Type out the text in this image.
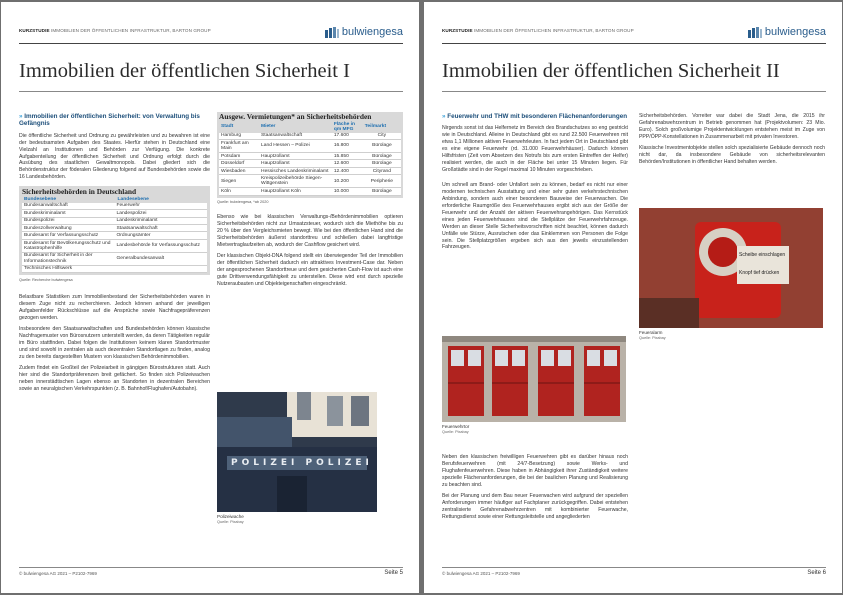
KURZSTUDIE IMMOBILIEN DER ÖFFENTLICHEN INFRASTRUKTUR, BARTON GROUP	bulwiengesa
Immobilien der öffentlichen Sicherheit I
» Immobilien der öffentlichen Sicherheit: von Verwaltung bis Gefängnis

Die öffentliche Sicherheit und Ordnung zu gewährleisten und zu bewahren ist eine der bedeutsamsten Aufgaben des Staates. Hierfür stehen in Deutschland eine Vielzahl an Institutionen und Behörden zur Verfügung. Die konkrete Aufgabenteilung der öffentlichen Sicherheit und Ordnung erfolgt durch die Ausübung des staatlichen Gewaltmonopols. Dabei gliedert sich die Behördenstruktur der föderalen Gliederung folgend auf Bundesbehörden sowie die 16 Landesbehörden.

Sicherheitsbehörden in Deutschland
Bundesebene	Landesebene
Bundesanwaltschaft	Feuerwehr
Bundeskriminalamt	Landespolizei
Bundespolizei	Landeskriminalamt
Bundeszollverwaltung	Staatsanwaltschaft
Bundesamt für Verfassungsschutz	Ordnungsämter
Bundesamt für Bevölkerungsschutz und Katastrophenhilfe	Landesbehörde für Verfassungsschutz
Bundesamt für Sicherheit in der Informationstechnik	Generalbundesanwalt
Technisches Hilfswerk	
Quelle: Recherche bulwiengesa

Belastbare Statistiken zum Immobilienbestand der Sicherheitsbehörden waren in diesem Zuge nicht zu recherchieren. Jedoch können anhand der jeweiligen Aufgabenfelder Rückschlüsse auf die Ansprüche sowie Nachfragepräferenzen gezogen werden.

Insbesondere den Staatsanwaltschaften und Bundesbehörden können klassische Nachfragemuster von Bürosnutzern unterstellt werden, da deren Tätigkeiten regulär im Büro stattfinden. Dabei folgen die Institutionen keinem klaren Standortmuster und sind sowohl in zentralen als auch dezentralen Standortlagen zu finden, analog zu den bereits dargestellten Mustern von klassischen Behördenimmobilien.

Zudem findet ein Großteil der Polizeiarbeit in gängigen Bürostrukturen statt. Auch hier sind die Standortpräferenzen breit gefächert. So finden sich Polizeiwachen neben innerstädtischen Lagen ebenso an Standorten in dezentralen Bereichen sowie an neuralgischen Verkehrspunkten (z. B. Bahnhof/Flughafen/Autobahn).

Ausgew. Vermietungen* an Sicherheitsbehörden
Stadt	Mieter	Fläche in qm MFG	Teilmarkt
Hamburg	Staatsanwaltschaft	17.600	City
Frankfurt am Main	Land Hessen – Polizei	16.800	Bürolage
Potsdam	Hauptzollamt	15.850	Bürolage
Düsseldorf	Hauptzollamt	12.600	Bürolage
Wiesbaden	Hessisches Landeskriminalamt	12.400	Cityrand
Siegen	Kreispolizeibehörde Siegen-Wittgenstein	10.200	Peripherie
Köln	Hauptzollamt Köln	10.000	Bürolage
Quelle: bulwiengesa, *ab 2020

Ebenso wie bei klassischen Verwaltungs-/Behördenimmobilien optieren Sicherheitsbehörden nicht zur Umsatzsteuer, wodurch sich die Miethöhe bis zu 20 % über den Vergleichsmieten bewegt. Wie bei den öffentlichen Hand sind die Sicherheitsbehörden äußerst standorttreu und schließen dabei langfristige Mietvertraglaufzeiten ab, wodurch der Cashflow gesichert wird.

Der klassischen Objekt-DNA folgend stellt ein überwiegender Teil der Immobilien der öffentlichen Sicherheit dadurch ein attraktives Investment-Case dar. Neben der angesprochenen Standorttreue und dem gesicherten Cash-Flow ist auch eine gute Drittverwendungsfähigkeit zu unterstellen. Diese wird erst durch spezielle Nutzeraubauten und Objekteigenschaften eingeschränkt.

POLIZEI POLIZEI
Polizeiwache
Quelle: Pixabay
© bulwiengesa AG 2021 – P2102-7969	Seite 5
KURZSTUDIE IMMOBILIEN DER ÖFFENTLICHEN INFRASTRUKTUR, BARTON GROUP	bulwiengesa
Immobilien der öffentlichen Sicherheit II
» Feuerwehr und THW mit besonderen Flächenanforderungen

Nirgends sonst ist das Helfernetz im Bereich des Brandschutzes so eng gestrickt wie in Deutschland. Alleine in Deutschland gibt es rund 22.500 Feuerwehren mit etwa 1,1 Millionen aktiven Feuerwehrleuten. In fact jedem Ort in Deutschland gibt es eine eigene Feuerwehr (rd. 31.000 Feuerwehrhäuser). Dadurch können Hilfsfristen (Zeit vom Absetzen des Notrufs bis zum ersten Eintreffen der Helfer) realisiert werden, die auch in der Fläche bei unter 15 Minuten liegen. Für Großstädte sind in der Regel maximal 10 Minuten vorgeschrieben.

Um schnell am Brand- oder Unfallort sein zu können, bedarf es nicht nur einer modernen technischen Ausstattung und einer sehr guten verkehrstechnischen Anbindung, sondern auch einer besonderen Bauweise der Feuerwachen. Die erforderliche Raumgröße des Feuerwehrhauses ergibt sich aus der Größe der Feuerwehr und der Anzahl der aktiven Feuerwehrangehörigen. Das Kernstück eines jeden Feuerwehrhauses sind die Stellplätze der Feuerwehrfahrzeuge. Werden an dieser Stelle Sicherheitsvorschriften nicht beachtet, können dadurch Unfälle wie Stürze, Ausrutschen oder das Einklemmen von Personen die Folge sein. Die Stellplatzgrößen ergeben sich aus den jeweils einzustellenden Fahrzeugen.

Feuerwehrtor
Quelle: Pixabay

Neben den klassischen freiwilligen Feuerwehren gibt es darüber hinaus noch Berufsfeuerwehren (mit 24/7-Besetzung) sowie Werks- und Flughafenfeuerwehren. Diese haben in Abhängigkeit ihrer Zuständigkeit weitere spezielle Flächenanforderungen, die bei der baulichen Planung und Realisierung zu beachten sind.

Bei der Planung und dem Bau neuer Feuerwachen wird aufgrund der speziellen Anforderungen immer häufiger auf Fachplaner zurückgegriffen. Dabei entstehen zentralisierte Gefahrenabwehrzentren mit kombinierter Feuerwache, Rettungsdienst sowie einer Rettungsleitstelle und angegliederten

Sicherheitsbehörden. Vorreiter war dabei die Stadt Jena, die 2015 ihr Gefahrenabwehrzentrum in Betrieb genommen hat (Projektvolumen: 23 Mio. Euro). Solch großvolumige Projektentwicklungen entstehen meist im Zuge von PPP/ÖPP-Konstellationen in Zusammenarbeit mit privaten Investoren.

Klassische Investmentobjekte stellen solch spezialisierte Gebäude dennoch noch nicht dar, da insbesondere Gebäude von sicherheitsrelevanten Behörden/Institutionen in öffentlicher Hand behalten werden.

Scheibe einschlagen
Knopf tief drücken
Feueralarm
Quelle: Pixabay
© bulwiengesa AG 2021 – P2102-7969	Seite 6
